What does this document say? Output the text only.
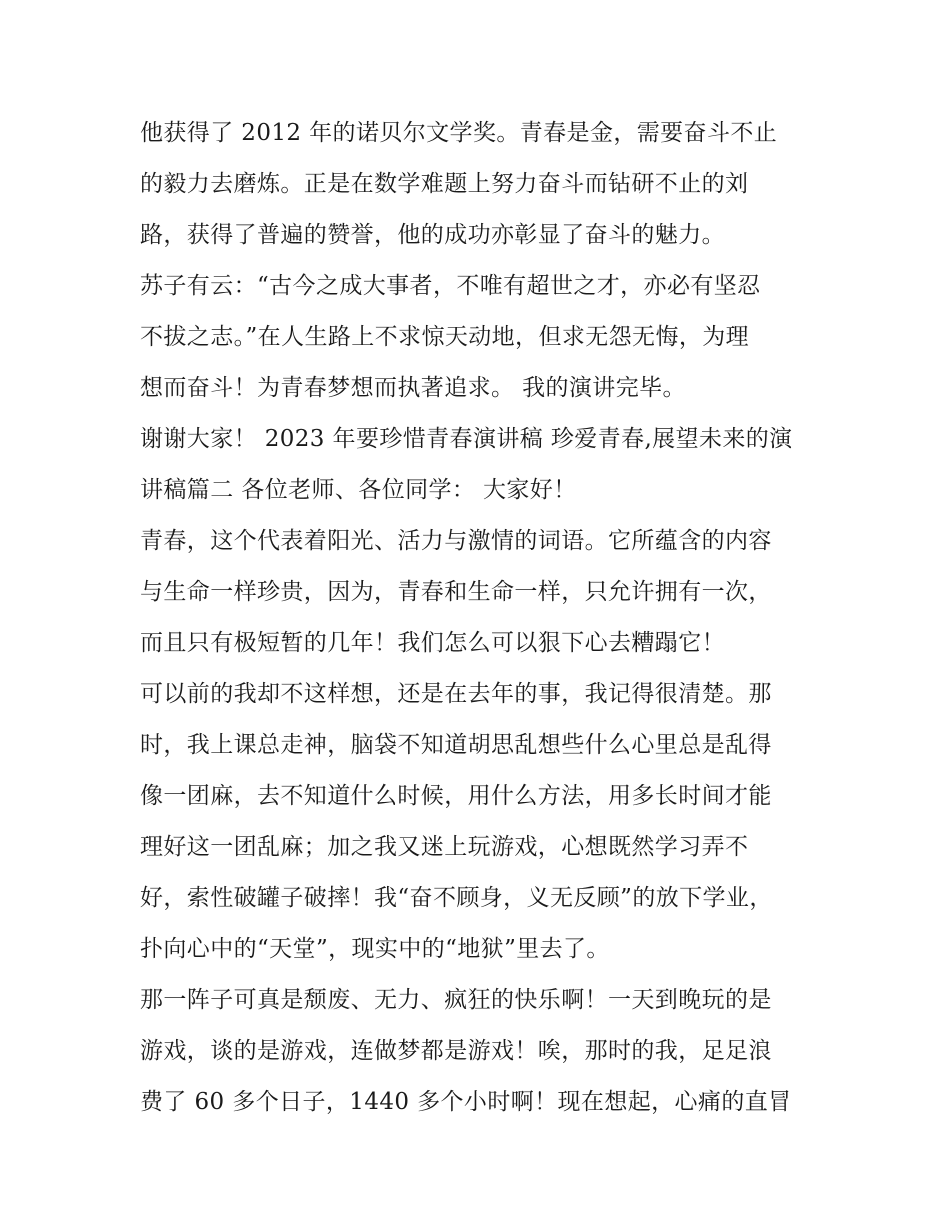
他获得了 2012 年的诺贝尔文学奖。青春是金，需要奋斗不止
的毅力去磨炼。正是在数学难题上努力奋斗而钻研不止的刘
路，获得了普遍的赞誉，他的成功亦彰显了奋斗的魅力。
苏子有云：“古今之成大事者，不唯有超世之才，亦必有坚忍
不拔之志。”在人生路上不求惊天动地，但求无怨无悔，为理
想而奋斗！为青春梦想而执著追求。 我的演讲完毕。
谢谢大家！ 2023 年要珍惜青春演讲稿 珍爱青春,展望未来的演
讲稿篇二 各位老师、各位同学： 大家好！
青春，这个代表着阳光、活力与激情的词语。它所蕴含的内容
与生命一样珍贵，因为，青春和生命一样，只允许拥有一次，
而且只有极短暂的几年！我们怎么可以狠下心去糟蹋它！
可以前的我却不这样想，还是在去年的事，我记得很清楚。那
时，我上课总走神，脑袋不知道胡思乱想些什么心里总是乱得
像一团麻，去不知道什么时候，用什么方法，用多长时间才能
理好这一团乱麻；加之我又迷上玩游戏，心想既然学习弄不
好，索性破罐子破摔！我“奋不顾身，义无反顾”的放下学业，
扑向心中的“天堂”，现实中的“地狱”里去了。
那一阵子可真是颓废、无力、疯狂的快乐啊！一天到晚玩的是
游戏，谈的是游戏，连做梦都是游戏！唉，那时的我，足足浪
费了 60 多个日子，1440 多个小时啊！现在想起，心痛的直冒
